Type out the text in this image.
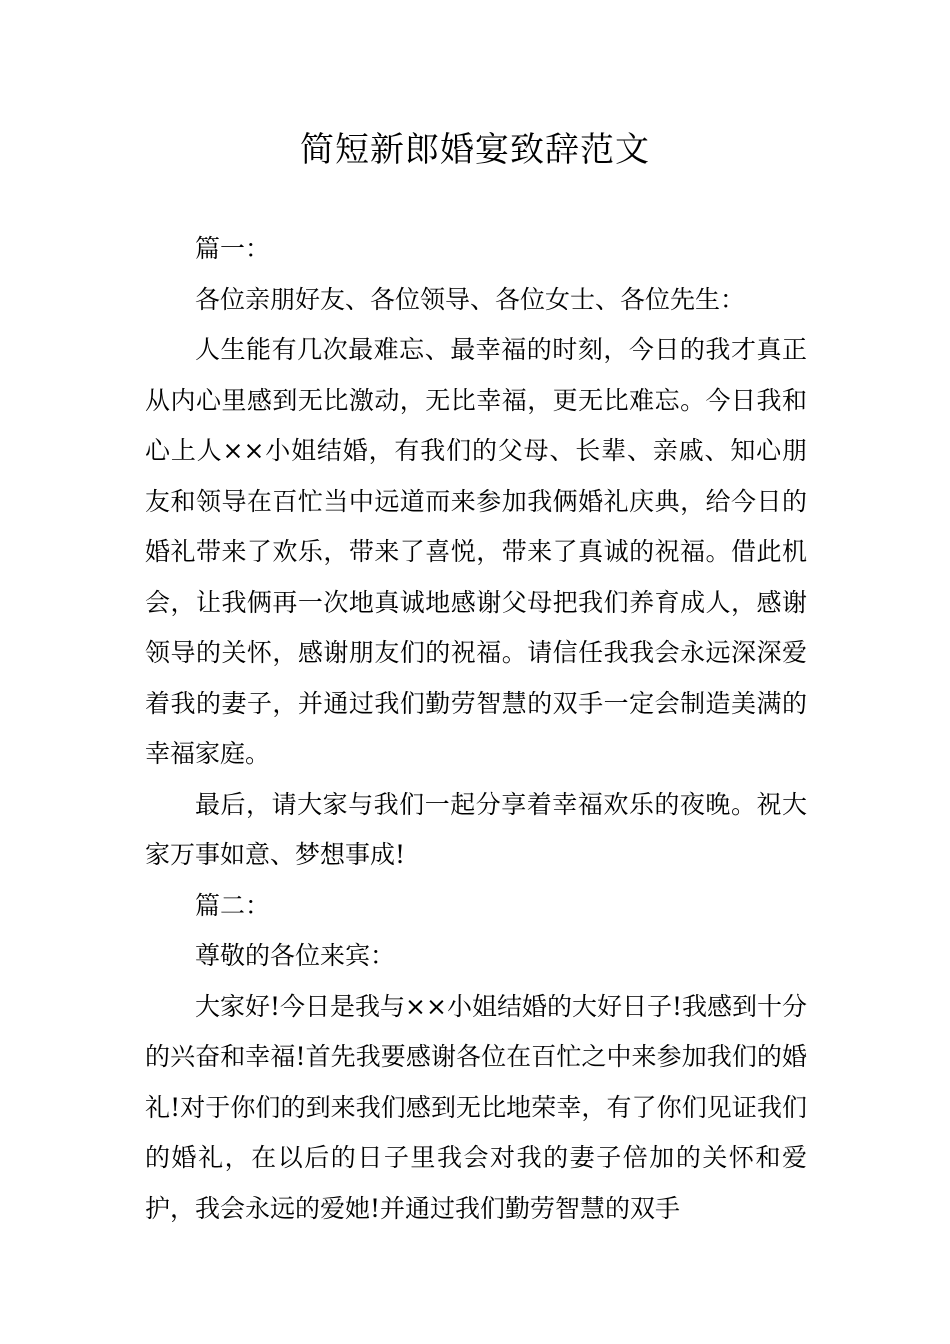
简短新郎婚宴致辞范文

篇一：

各位亲朋好友、各位领导、各位女士、各位先生：

人生能有几次最难忘、最幸福的时刻，今日的我才真正从内心里感到无比激动，无比幸福，更无比难忘。今日我和心上人××小姐结婚，有我们的父母、长辈、亲戚、知心朋友和领导在百忙当中远道而来参加我俩婚礼庆典，给今日的婚礼带来了欢乐，带来了喜悦，带来了真诚的祝福。借此机会，让我俩再一次地真诚地感谢父母把我们养育成人，感谢领导的关怀，感谢朋友们的祝福。请信任我我会永远深深爱着我的妻子，并通过我们勤劳智慧的双手一定会制造美满的幸福家庭。

最后，请大家与我们一起分享着幸福欢乐的夜晚。祝大家万事如意、梦想事成!

篇二：

尊敬的各位来宾：

大家好!今日是我与××小姐结婚的大好日子!我感到十分的兴奋和幸福!首先我要感谢各位在百忙之中来参加我们的婚礼!对于你们的到来我们感到无比地荣幸，有了你们见证我们的婚礼，在以后的日子里我会对我的妻子倍加的关怀和爱护，我会永远的爱她!并通过我们勤劳智慧的双手
